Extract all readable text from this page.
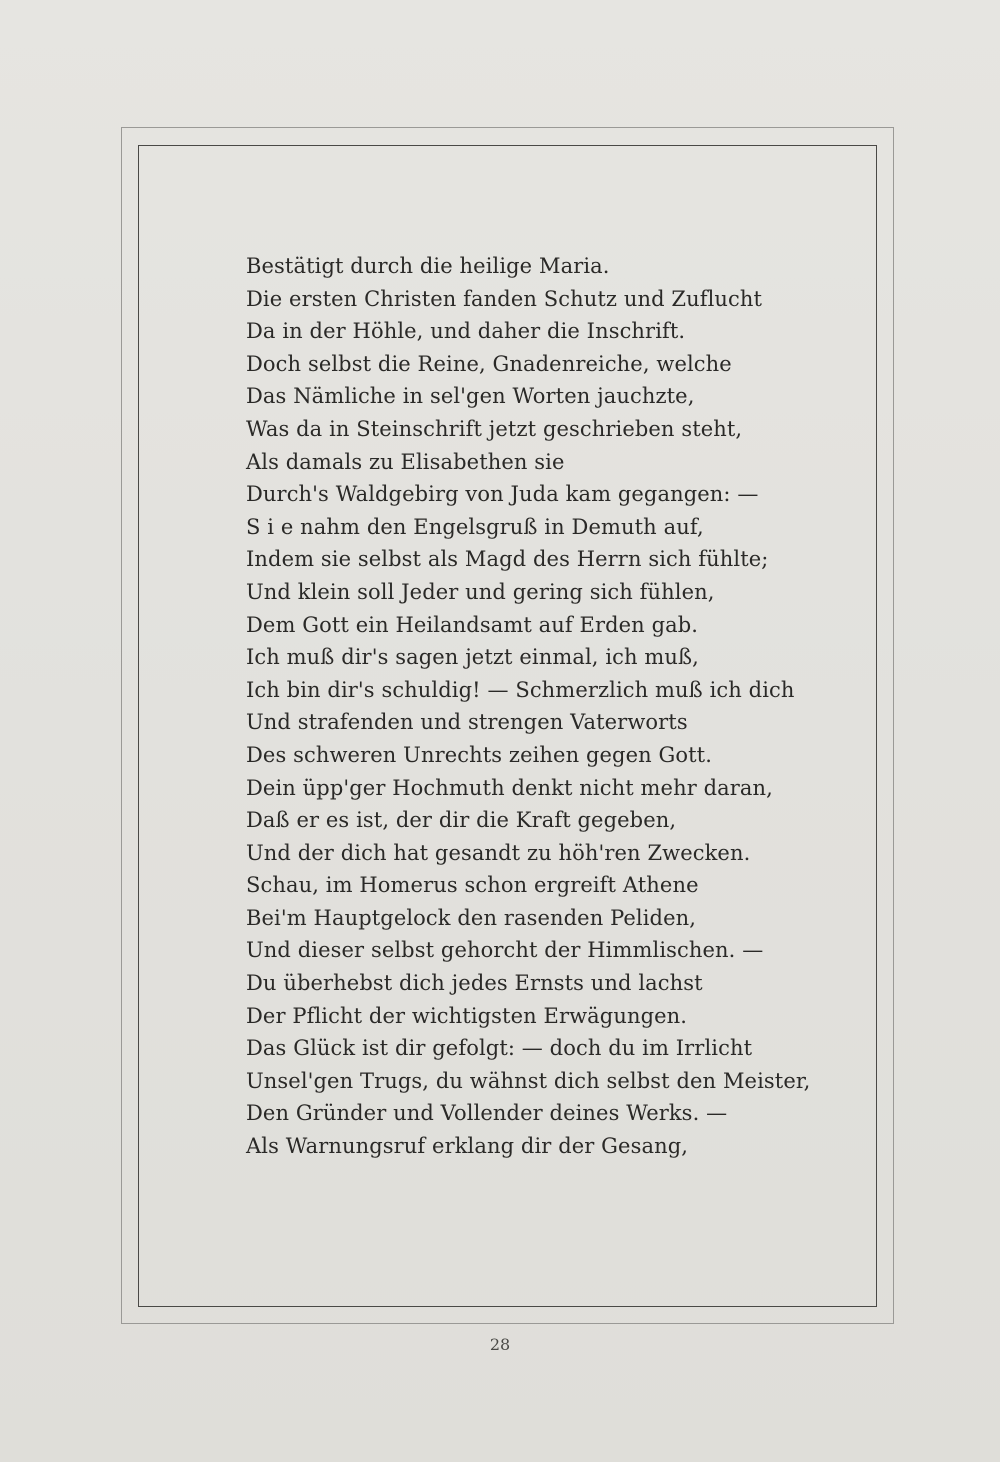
Bestätigt durch die heilige Maria.
Die ersten Christen fanden Schutz und Zuflucht
Da in der Höhle, und daher die Inschrift.
Doch selbst die Reine, Gnadenreiche, welche
Das Nämliche in sel'gen Worten jauchzte,
Was da in Steinschrift jetzt geschrieben steht,
Als damals zu Elisabethen sie
Durch's Waldgebirg von Juda kam gegangen: —
S i e nahm den Engelsgruß in Demuth auf,
Indem sie selbst als Magd des Herrn sich fühlte;
Und klein soll Jeder und gering sich fühlen,
Dem Gott ein Heilandsamt auf Erden gab.
Ich muß dir's sagen jetzt einmal, ich muß,
Ich bin dir's schuldig! — Schmerzlich muß ich dich
Und strafenden und strengen Vaterworts
Des schweren Unrechts zeihen gegen Gott.
Dein üpp'ger Hochmuth denkt nicht mehr daran,
Daß er es ist, der dir die Kraft gegeben,
Und der dich hat gesandt zu höh'ren Zwecken.
Schau, im Homerus schon ergreift Athene
Bei'm Hauptgelock den rasenden Peliden,
Und dieser selbst gehorcht der Himmlischen. —
Du überhebst dich jedes Ernsts und lachst
Der Pflicht der wichtigsten Erwägungen.
Das Glück ist dir gefolgt: — doch du im Irrlicht
Unsel'gen Trugs, du wähnst dich selbst den Meister,
Den Gründer und Vollender deines Werks. —
Als Warnungsruf erklang dir der Gesang,
28
